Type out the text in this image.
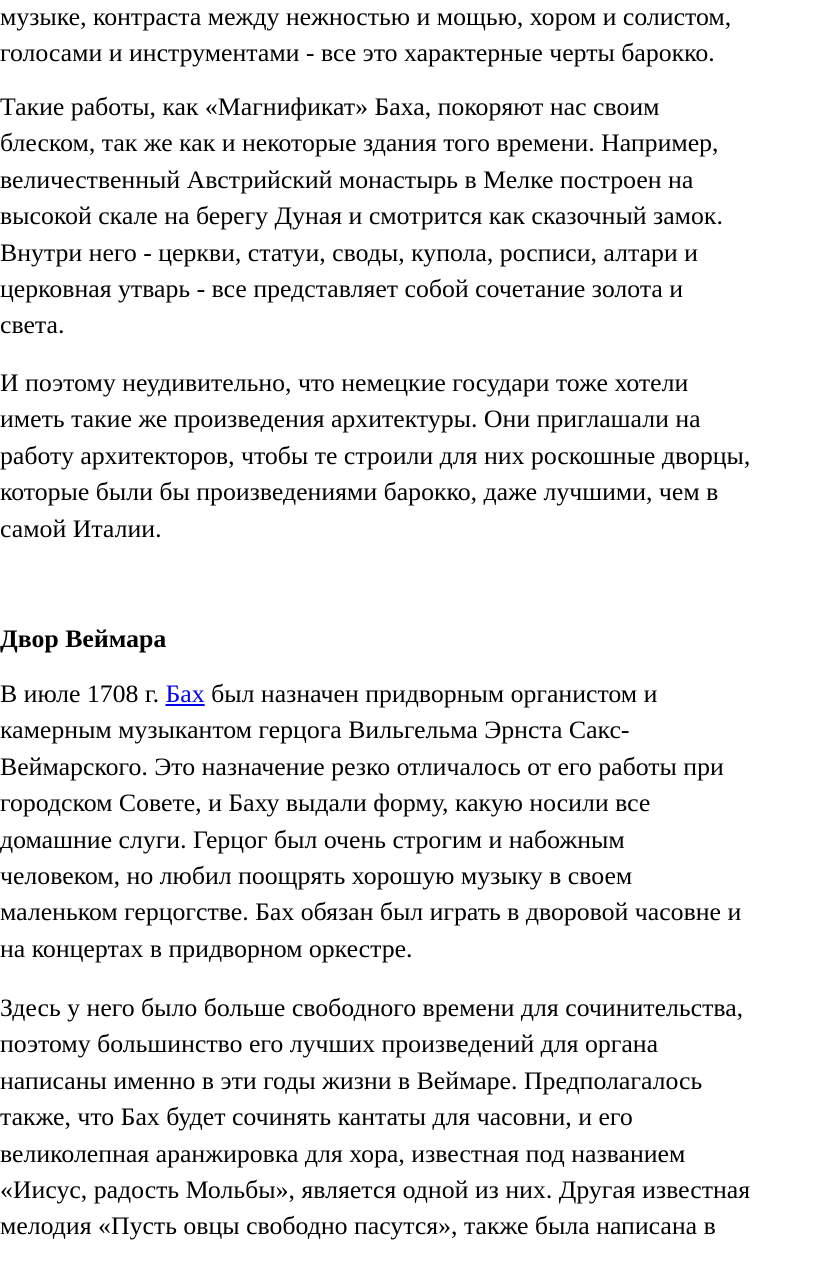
музыке, контраста между нежностью и мощью, хором и солистом,
голосами и инструментами - все это характерные черты барокко.

Такие работы, как «Магнификат» Баха, покоряют нас своим
блеском, так же как и некоторые здания того времени. Например,
величественный Австрийский монастырь в Мелке построен на
высокой скале на берегу Дуная и смотрится как сказочный замок.
Внутри него - церкви, статуи, своды, купола, росписи, алтари и
церковная утварь - все представляет собой сочетание золота и
света.

И поэтому неудивительно, что немецкие государи тоже хотели
иметь такие же произведения архитектуры. Они приглашали на
работу архитекторов, чтобы те строили для них роскошные дворцы,
которые были бы произведениями барокко, даже лучшими, чем в
самой Италии.

Двор Веймара

В июле 1708 г. Бах был назначен придворным органистом и
камерным музыкантом герцога Вильгельма Эрнста Сакс-
Веймарского. Это назначение резко отличалось от его работы при
городском Совете, и Баху выдали форму, какую носили все
домашние слуги. Герцог был очень строгим и набожным
человеком, но любил поощрять хорошую музыку в своем
маленьком герцогстве. Бах обязан был играть в дворовой часовне и
на концертах в придворном оркестре.

Здесь у него было больше свободного времени для сочинительства,
поэтому большинство его лучших произведений для органа
написаны именно в эти годы жизни в Веймаре. Предполагалось
также, что Бах будет сочинять кантаты для часовни, и его
великолепная аранжировка для хора, известная под названием
«Иисус, радость Мольбы», является одной из них. Другая известная
мелодия «Пусть овцы свободно пасутся», также была написана в
